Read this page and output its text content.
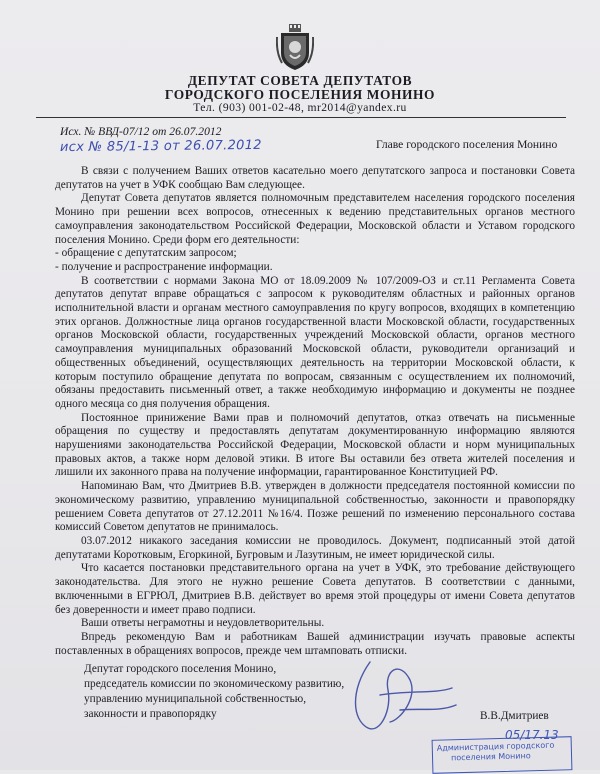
ДЕПУТАТ СОВЕТА ДЕПУТАТОВ
ГОРОДСКОГО ПОСЕЛЕНИЯ МОНИНО
Тел. (903) 001-02-48, mr2014@yandex.ru
Исх. № ВВД-07/12 от 26.07.2012
исх № 85/1-13 от 26.07.2012	Главе городского поселения Монино

В связи с получением Ваших ответов касательно моего депутатского запроса и постановки Совета депутатов на учет в УФК сообщаю Вам следующее.

Депутат Совета депутатов является полномочным представителем населения городского поселения Монино при решении всех вопросов, отнесенных к ведению представительных органов местного самоуправления законодательством Российской Федерации, Московской области и Уставом городского поселения Монино. Среди форм его деятельности:

- обращение с депутатским запросом;

- получение и распространение информации.

В соответствии с нормами Закона МО от 18.09.2009 № 107/2009-ОЗ и ст.11 Регламента Совета депутатов депутат вправе обращаться с запросом к руководителям областных и районных органов исполнительной власти и органам местного самоуправления по кругу вопросов, входящих в компетенцию этих органов. Должностные лица органов государственной власти Московской области, государственных органов Московской области, государственных учреждений Московской области, органов местного самоуправления муниципальных образований Московской области, руководители организаций и общественных объединений, осуществляющих деятельность на территории Московской области, к которым поступило обращение депутата по вопросам, связанным с осуществлением их полномочий, обязаны предоставить письменный ответ, а также необходимую информацию и документы не позднее одного месяца со дня получения обращения.

Постоянное принижение Вами прав и полномочий депутатов, отказ отвечать на письменные обращения по существу и предоставлять депутатам документированную информацию являются нарушениями законодательства Российской Федерации, Московской области и норм муниципальных правовых актов, а также норм деловой этики. В итоге Вы оставили без ответа жителей поселения и лишили их законного права на получение информации, гарантированное Конституцией РФ.

Напоминаю Вам, что Дмитриев В.В. утвержден в должности председателя постоянной комиссии по экономическому развитию, управлению муниципальной собственностью, законности и правопорядку решением Совета депутатов от 27.12.2011 №16/4. Позже решений по изменению персонального состава комиссий Советом депутатов не принималось.

03.07.2012 никакого заседания комиссии не проводилось. Документ, подписанный этой датой депутатами Коротковым, Егоркиной, Бугровым и Лазутиным, не имеет юридической силы.

Что касается постановки представительного органа на учет в УФК, это требование действующего законодательства. Для этого не нужно решение Совета депутатов. В соответствии с данными, включенными в ЕГРЮЛ, Дмитриев В.В. действует во время этой процедуры от имени Совета депутатов без доверенности и имеет право подписи.

Ваши ответы неграмотны и неудовлетворительны.

Впредь рекомендую Вам и работникам Вашей администрации изучать правовые аспекты поставленных в обращениях вопросов, прежде чем штамповать отписки.

Депутат городского поселения Монино,
председатель комиссии по экономическому развитию,
управлению муниципальной собственностью,
законности и правопорядку	В.В.Дмитриев
05/17.13
Администрация городского
поселения Монино
